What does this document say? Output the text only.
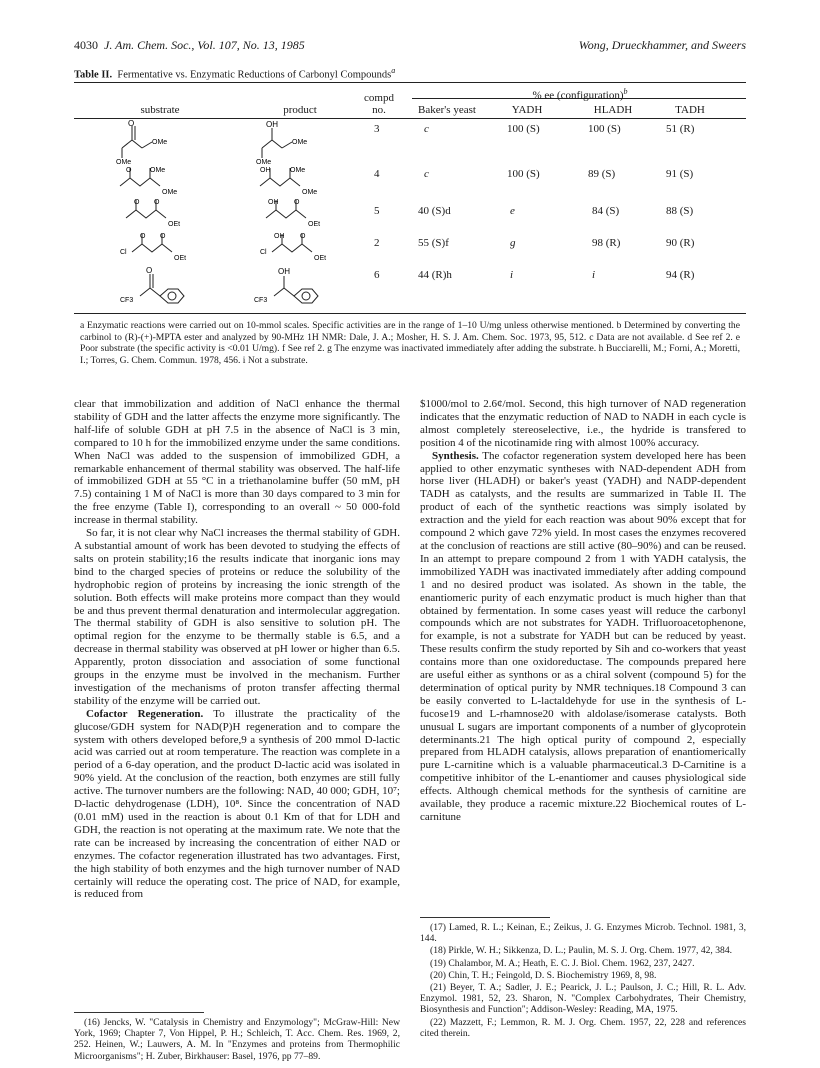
4030 J. Am. Chem. Soc., Vol. 107, No. 13, 1985	Wong, Drueckhammer, and Sweers
Table II. Fermentative vs. Enzymatic Reductions of Carbonyl Compounds$^a$
substrate	product
compd
no.
% ee (configuration)$^b$
Baker's yeast	YADH	HLADH	TADH
3	c	100 (S)	100 (S)	51 (R)
4	c	100 (S)	89 (S)	91 (S)
5	40 (S)d	e	84 (S)	88 (S)
2	55 (S)f	g	98 (R)	90 (R)
6	44 (R)h	i	i	94 (R)
O
OMe
OMe
OH
OMe
OMe
O	OMe
OMe
OH	OMe
OMe
O O
OEt
OH O
OEt
Cl
O O
OEt
Cl
OH O
OEt
O
CF3
OH
CF3
a Enzymatic reactions were carried out on 10-mmol scales. Specific activities are in the range of 1–10 U/mg unless otherwise mentioned. b Determined by converting the carbinol to (R)-(+)-MPTA ester and analyzed by 90-MHz 1H NMR: Dale, J. A.; Mosher, H. S. J. Am. Chem. Soc. 1973, 95, 512. c Data are not available. d See ref 2. e Poor substrate (the specific activity is <0.01 U/mg). f See ref 2. g The enzyme was inactivated immediately after adding the substrate. h Bucciarelli, M.; Forni, A.; Moretti, I.; Torres, G. Chem. Commun. 1978, 456. i Not a substrate.

clear that immobilization and addition of NaCl enhance the thermal stability of GDH and the latter affects the enzyme more significantly. The half-life of soluble GDH at pH 7.5 in the absence of NaCl is 3 min, compared to 10 h for the immobilized enzyme under the same conditions. When NaCl was added to the suspension of immobilized GDH, a remarkable enhancement of thermal stability was observed. The half-life of immobilized GDH at 55 °C in a triethanolamine buffer (50 mM, pH 7.5) containing 1 M of NaCl is more than 30 days compared to 3 min for the free enzyme (Table I), corresponding to an overall ~ 50 000-fold increase in thermal stability.

So far, it is not clear why NaCl increases the thermal stability of GDH. A substantial amount of work has been devoted to studying the effects of salts on protein stability;16 the results indicate that inorganic ions may bind to the charged species of proteins or reduce the solubility of the hydrophobic region of proteins by increasing the ionic strength of the solution. Both effects will make proteins more compact than they would be and thus prevent thermal denaturation and intermolecular aggregation. The thermal stability of GDH is also sensitive to solution pH. The optimal region for the enzyme to be thermally stable is 6.5, and a decrease in thermal stability was observed at pH lower or higher than 6.5. Apparently, proton dissociation and association of some functional groups in the enzyme must be involved in the mechanism. Further investigation of the mechanisms of proton transfer affecting thermal stability of the enzyme will be carried out.

Cofactor Regeneration. To illustrate the practicality of the glucose/GDH system for NAD(P)H regeneration and to compare the system with others developed before,9 a synthesis of 200 mmol D-lactic acid was carried out at room temperature. The reaction was complete in a period of a 6-day operation, and the product D-lactic acid was isolated in 90% yield. At the conclusion of the reaction, both enzymes are still fully active. The turnover numbers are the following: NAD, 40 000; GDH, 10⁷; D-lactic dehydrogenase (LDH), 10⁸. Since the concentration of NAD (0.01 mM) used in the reaction is about 0.1 Km of that for LDH and GDH, the reaction is not operating at the maximum rate. We note that the rate can be increased by increasing the concentration of either NAD or enzymes. The cofactor regeneration illustrated has two advantages. First, the high stability of both enzymes and the high turnover number of NAD certainly will reduce the operating cost. The price of NAD, for example, is reduced from

(16) Jencks, W. "Catalysis in Chemistry and Enzymology"; McGraw-Hill: New York, 1969; Chapter 7, Von Hippel, P. H.; Schleich, T. Acc. Chem. Res. 1969, 2, 252. Heinen, W.; Lauwers, A. M. In "Enzymes and proteins from Thermophilic Microorganisms"; H. Zuber, Birkhauser: Basel, 1976, pp 77–89.

$1000/mol to 2.6¢/mol. Second, this high turnover of NAD regeneration indicates that the enzymatic reduction of NAD to NADH in each cycle is almost completely stereoselective, i.e., the hydride is transfered to position 4 of the nicotinamide ring with almost 100% accuracy.

Synthesis. The cofactor regeneration system developed here has been applied to other enzymatic syntheses with NAD-dependent ADH from horse liver (HLADH) or baker's yeast (YADH) and NADP-dependent TADH as catalysts, and the results are summarized in Table II. The product of each of the synthetic reactions was simply isolated by extraction and the yield for each reaction was about 90% except that for compound 2 which gave 72% yield. In most cases the enzymes recovered at the conclusion of reactions are still active (80–90%) and can be reused. In an attempt to prepare compound 2 from 1 with YADH catalysis, the immobilized YADH was inactivated immediately after adding compound 1 and no desired product was isolated. As shown in the table, the enantiomeric purity of each enzymatic product is much higher than that obtained by fermentation. In some cases yeast will reduce the carbonyl compounds which are not substrates for YADH. Trifluoroacetophenone, for example, is not a substrate for YADH but can be reduced by yeast. These results confirm the study reported by Sih and co-workers that yeast contains more than one oxidoreductase. The compounds prepared here are useful either as synthons or as a chiral solvent (compound 5) for the determination of optical purity by NMR techniques.18 Compound 3 can be easily converted to L-lactaldehyde for use in the synthesis of L-fucose19 and L-rhamnose20 with aldolase/isomerase catalysts. Both unusual L sugars are important components of a number of glycoprotein determinants.21 The high optical purity of compound 2, especially prepared from HLADH catalysis, allows preparation of enantiomerically pure L-carnitine which is a valuable pharmaceutical.3 D-Carnitine is a competitive inhibitor of the L-enantiomer and causes physiological side effects. Although chemical methods for the synthesis of carnitine are available, they produce a racemic mixture.22 Biochemical routes of L-carnitune

(17) Lamed, R. L.; Keinan, E.; Zeikus, J. G. Enzymes Microb. Technol. 1981, 3, 144.

(18) Pirkle, W. H.; Sikkenza, D. L.; Paulin, M. S. J. Org. Chem. 1977, 42, 384.

(19) Chalambor, M. A.; Heath, E. C. J. Biol. Chem. 1962, 237, 2427.

(20) Chin, T. H.; Feingold, D. S. Biochemistry 1969, 8, 98.

(21) Beyer, T. A.; Sadler, J. E.; Pearick, J. L.; Paulson, J. C.; Hill, R. L. Adv. Enzymol. 1981, 52, 23. Sharon, N. "Complex Carbohydrates, Their Chemistry, Biosynthesis and Function"; Addison-Wesley: Reading, MA, 1975.

(22) Mazzett, F.; Lemmon, R. M. J. Org. Chem. 1957, 22, 228 and references cited therein.
